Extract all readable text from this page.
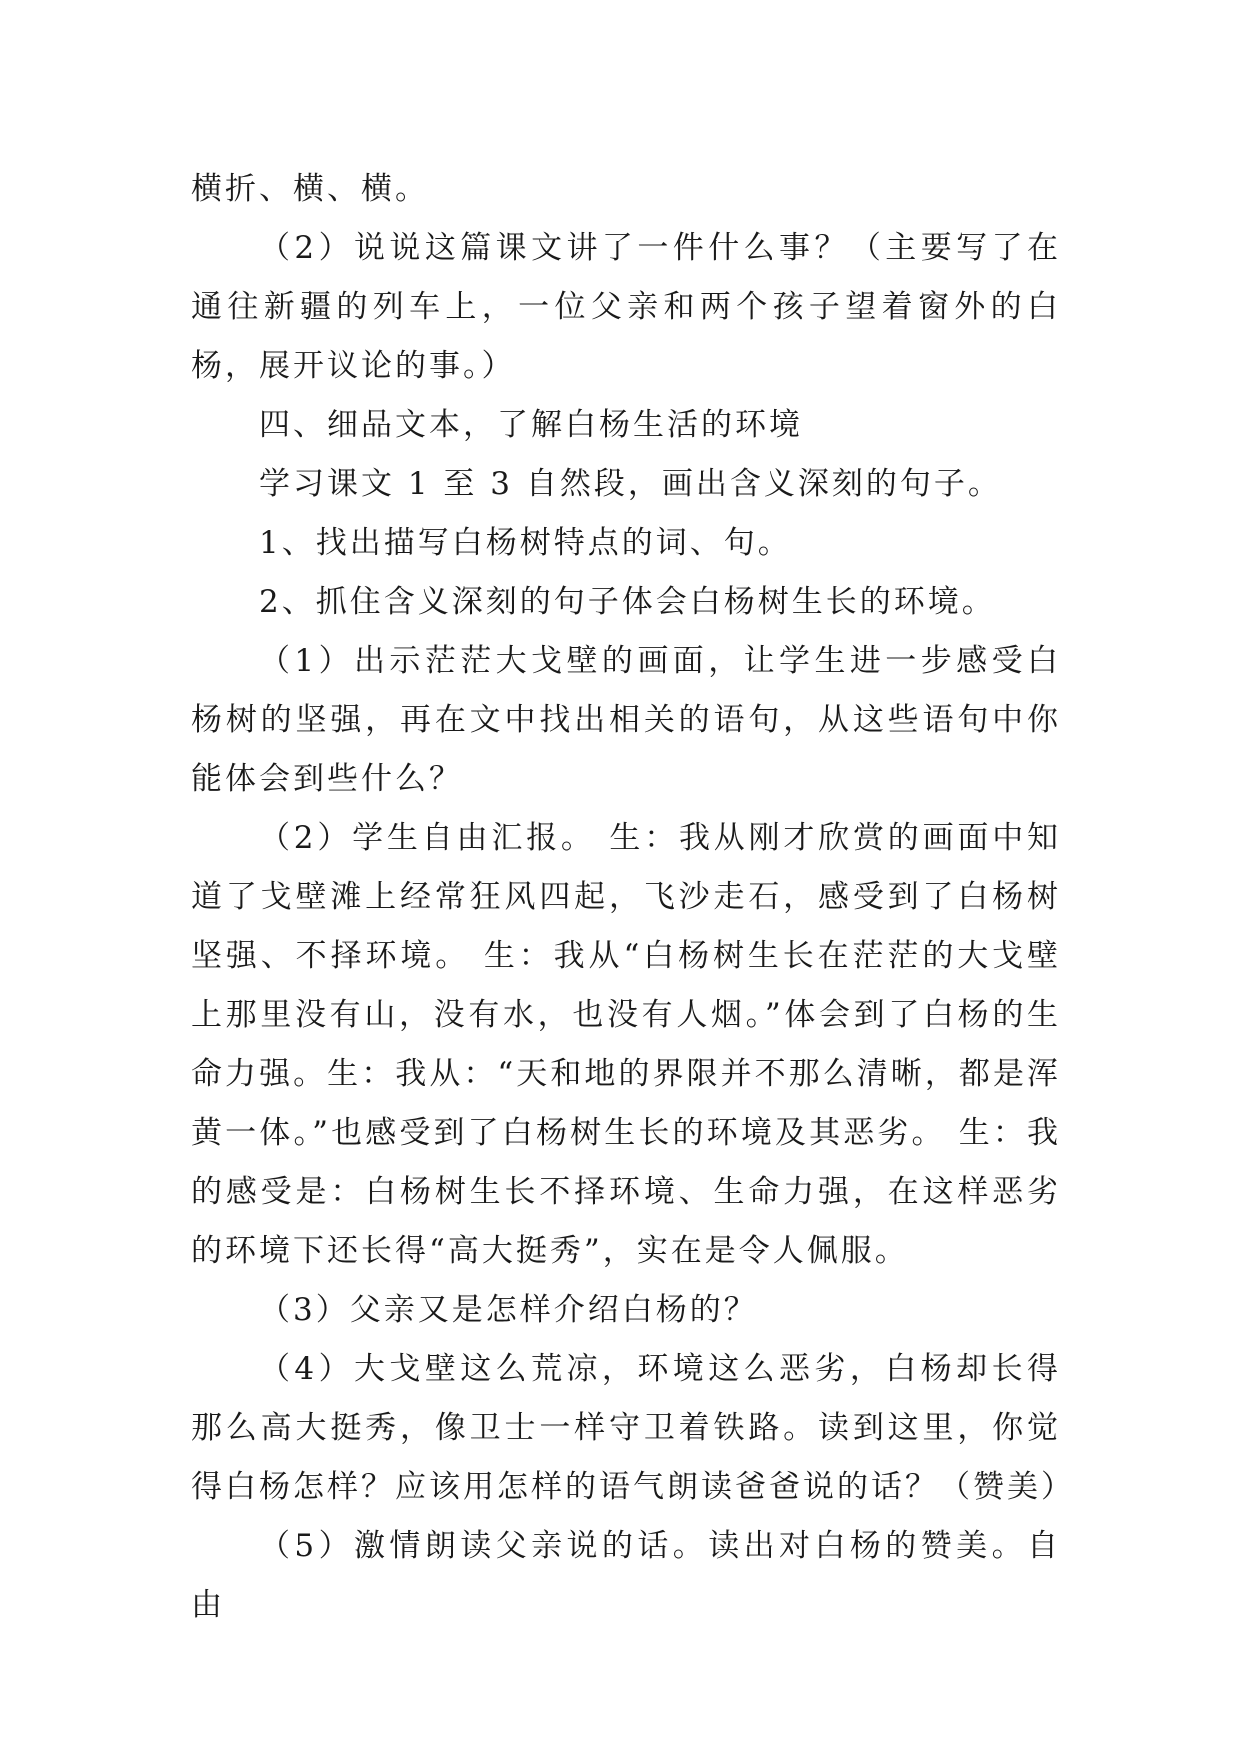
横折、横、横。

（2）说说这篇课文讲了一件什么事？（主要写了在通往新疆的列车上，一位父亲和两个孩子望着窗外的白杨，展开议论的事。）

四、细品文本，了解白杨生活的环境

学习课文 1 至 3 自然段，画出含义深刻的句子。

1、找出描写白杨树特点的词、句。

2、抓住含义深刻的句子体会白杨树生长的环境。

（1）出示茫茫大戈壁的画面，让学生进一步感受白杨树的坚强，再在文中找出相关的语句，从这些语句中你能体会到些什么？

（2）学生自由汇报。 生：我从刚才欣赏的画面中知道了戈壁滩上经常狂风四起，飞沙走石，感受到了白杨树坚强、不择环境。 生：我从“白杨树生长在茫茫的大戈壁上那里没有山，没有水，也没有人烟。”体会到了白杨的生命力强。生：我从：“天和地的界限并不那么清晰，都是浑黄一体。”也感受到了白杨树生长的环境及其恶劣。 生：我的感受是：白杨树生长不择环境、生命力强，在这样恶劣的环境下还长得“高大挺秀”，实在是令人佩服。

（3）父亲又是怎样介绍白杨的？

（4）大戈壁这么荒凉，环境这么恶劣，白杨却长得那么高大挺秀，像卫士一样守卫着铁路。读到这里，你觉得白杨怎样？应该用怎样的语气朗读爸爸说的话？（赞美）

（5）激情朗读父亲说的话。读出对白杨的赞美。自由
